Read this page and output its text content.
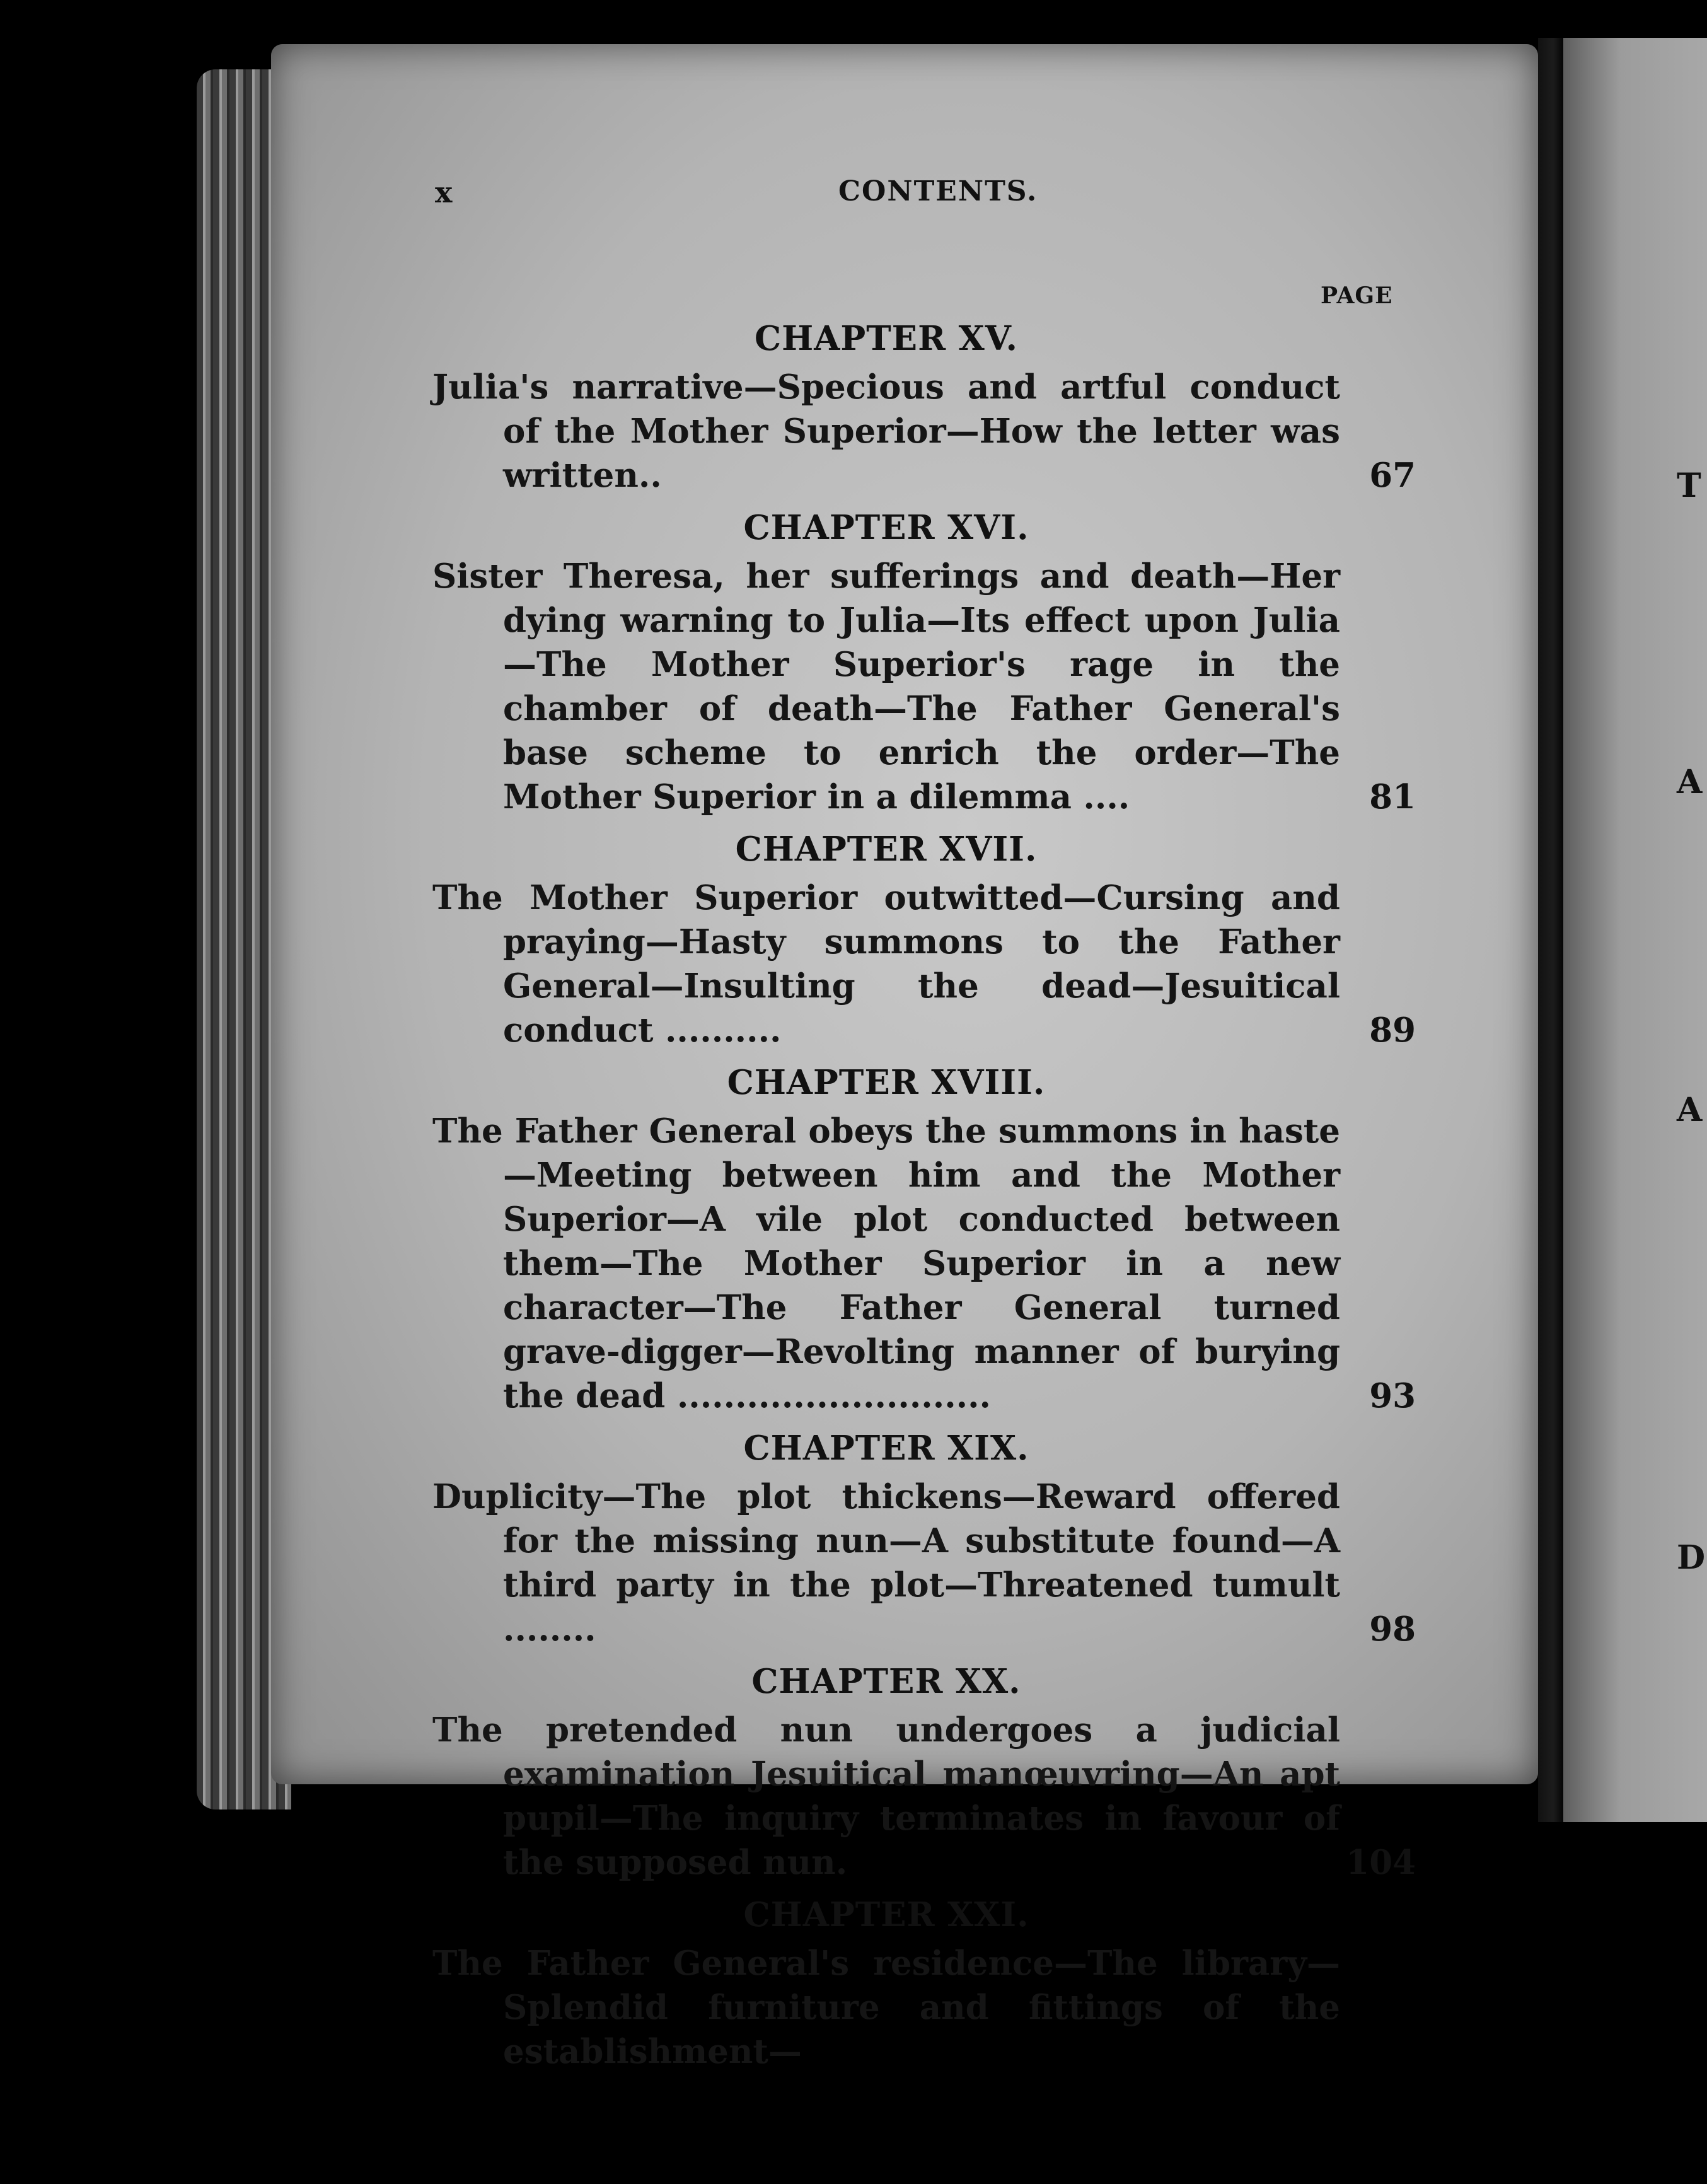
T
A
A
D
x	CONTENTS.
PAGE
CHAPTER XV.
Julia's narrative—Specious and artful conduct of the Mother Superior—How the letter was written..	67
CHAPTER XVI.
Sister Theresa, her sufferings and death—Her dying warning to Julia—Its effect upon Julia—The Mother Superior's rage in the chamber of death—The Father General's base scheme to enrich the order—The Mother Superior in a dilemma ....	81
CHAPTER XVII.
The Mother Superior outwitted—Cursing and praying—Hasty summons to the Father General—Insulting the dead—Jesuitical conduct ..........	89
CHAPTER XVIII.
The Father General obeys the summons in haste—Meeting between him and the Mother Superior—A vile plot conducted between them—The Mother Superior in a new character—The Father General turned grave-digger—Revolting manner of burying the dead ...........................	93
CHAPTER XIX.
Duplicity—The plot thickens—Reward offered for the missing nun—A substitute found—A third party in the plot—Threatened tumult ........	98
CHAPTER XX.
The pretended nun undergoes a judicial examination Jesuitical manœuvring—An apt pupil—The inquiry terminates in favour of the supposed nun.	104
CHAPTER XXI.
The Father General's residence—The library—Splendid furniture and fittings of the establishment—
